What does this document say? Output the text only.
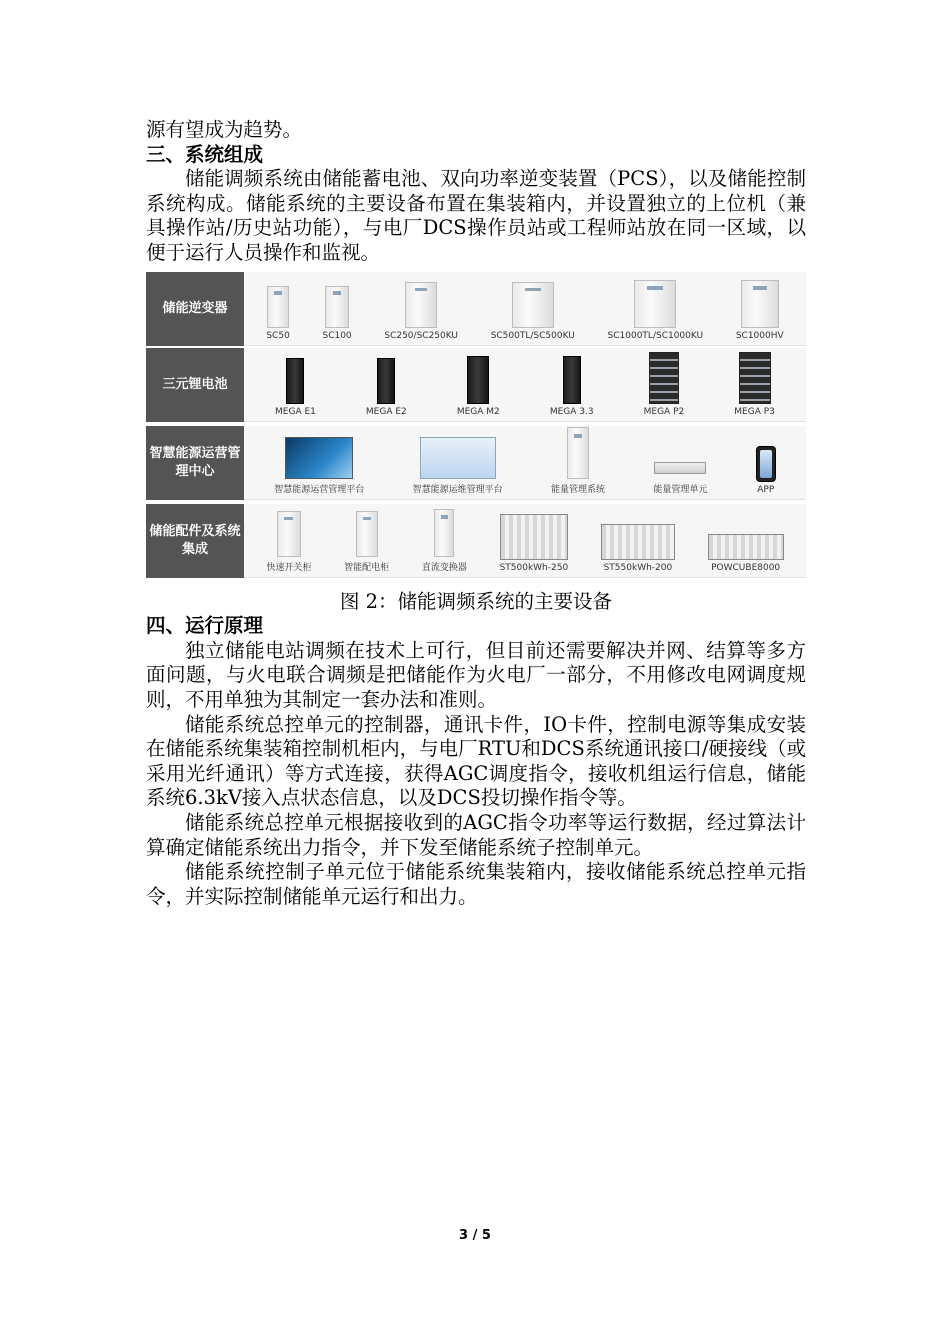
源有望成为趋势。

三、系统组成

储能调频系统由储能蓄电池、双向功率逆变装置（PCS），以及储能控制系统构成。储能系统的主要设备布置在集装箱内，并设置独立的上位机（兼具操作站/历史站功能），与电厂DCS操作员站或工程师站放在同一区域，以便于运行人员操作和监视。

储能逆变器
SC50	SC100	SC250/SC250KU	SC500TL/SC500KU	SC1000TL/SC1000KU	SC1000HV
三元锂电池
MEGA E1	MEGA E2	MEGA M2	MEGA 3.3	MEGA P2	MEGA P3
智慧能源运营管理中心
智慧能源运营管理平台	智慧能源运维管理平台	能量管理系统	能量管理单元	APP
储能配件及系统集成
快速开关柜	智能配电柜	直流变换器	ST500kWh-250	ST550kWh-200	POWCUBE8000

图 2：储能调频系统的主要设备

四、运行原理

独立储能电站调频在技术上可行，但目前还需要解决并网、结算等多方面问题，与火电联合调频是把储能作为火电厂一部分，不用修改电网调度规则，不用单独为其制定一套办法和准则。

储能系统总控单元的控制器，通讯卡件，IO卡件，控制电源等集成安装在储能系统集装箱控制机柜内，与电厂RTU和DCS系统通讯接口/硬接线（或采用光纤通讯）等方式连接，获得AGC调度指令，接收机组运行信息，储能系统6.3kV接入点状态信息，以及DCS投切操作指令等。

储能系统总控单元根据接收到的AGC指令功率等运行数据，经过算法计算确定储能系统出力指令，并下发至储能系统子控制单元。

储能系统控制子单元位于储能系统集装箱内，接收储能系统总控单元指令，并实际控制储能单元运行和出力。

3 / 5
